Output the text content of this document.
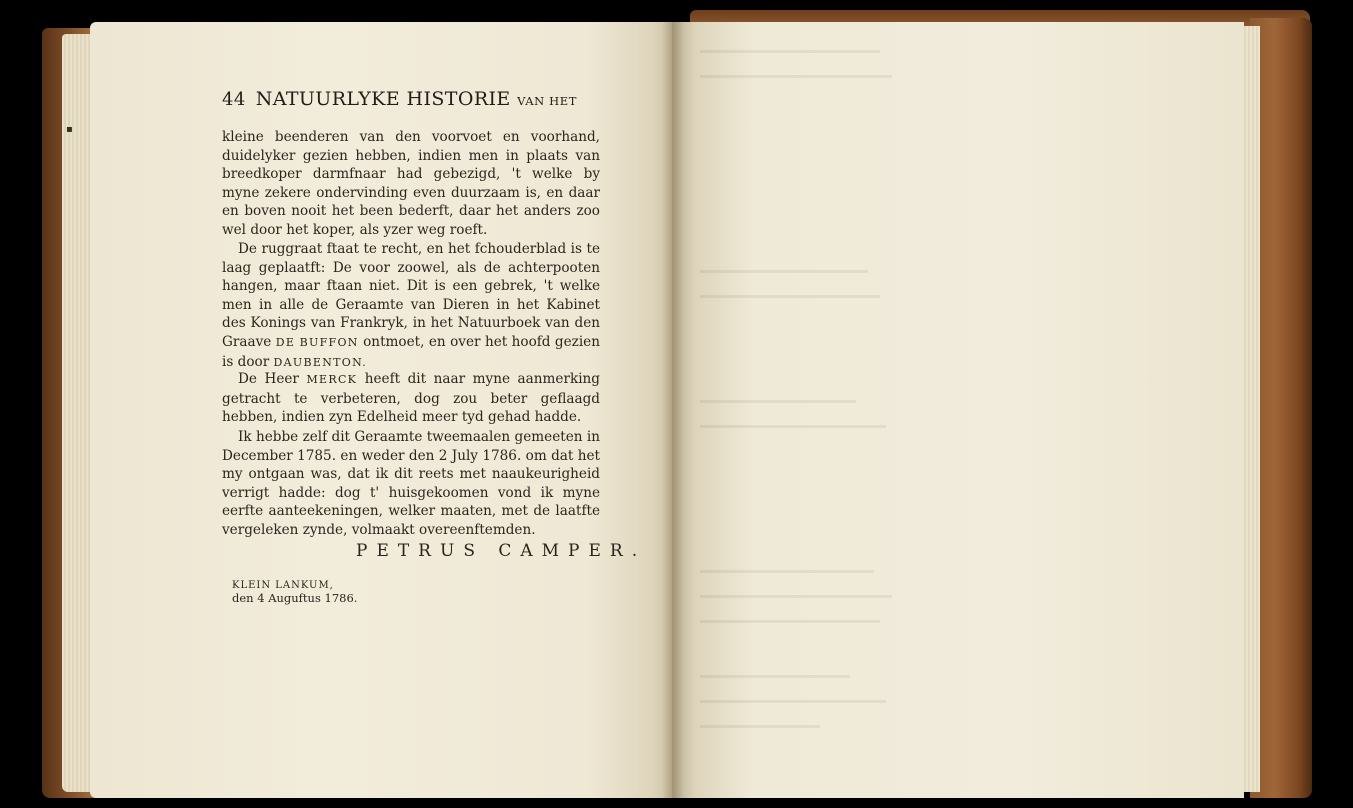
44 NATUURLYKE HISTORIE VAN HET
kleine beenderen van den voorvoet en voorhand, duidelyker gezien hebben, indien men in plaats van breedkoper darmfnaar had gebezigd, 't welke by myne zekere ondervinding even duurzaam is, en daar en boven nooit het been bederft, daar het anders zoo wel door het koper, als yzer weg roeft.
De ruggraat ftaat te recht, en het fchouderblad is te laag geplaatft: De voor zoowel, als de achterpooten hangen, maar ftaan niet. Dit is een gebrek, 't welke men in alle de Geraamte van Dieren in het Kabinet des Konings van Frankryk, in het Natuurboek van den Graave DE BUFFON ontmoet, en over het hoofd gezien is door DAUBENTON.
De Heer MERCK heeft dit naar myne aanmerking getracht te verbeteren, dog zou beter geflaagd hebben, indien zyn Edelheid meer tyd gehad hadde.
Ik hebbe zelf dit Geraamte tweemaalen gemeeten in December 1785. en weder den 2 July 1786. om dat het my ontgaan was, dat ik dit reets met naaukeurigheid verrigt hadde: dog t' huisgekoomen vond ik myne eerfte aanteekeningen, welker maaten, met de laatfte vergeleken zynde, volmaakt overeenftemden.
PETRUS CAMPER.
KLEIN LANKUM,
den 4 Auguftus 1786.
▪
